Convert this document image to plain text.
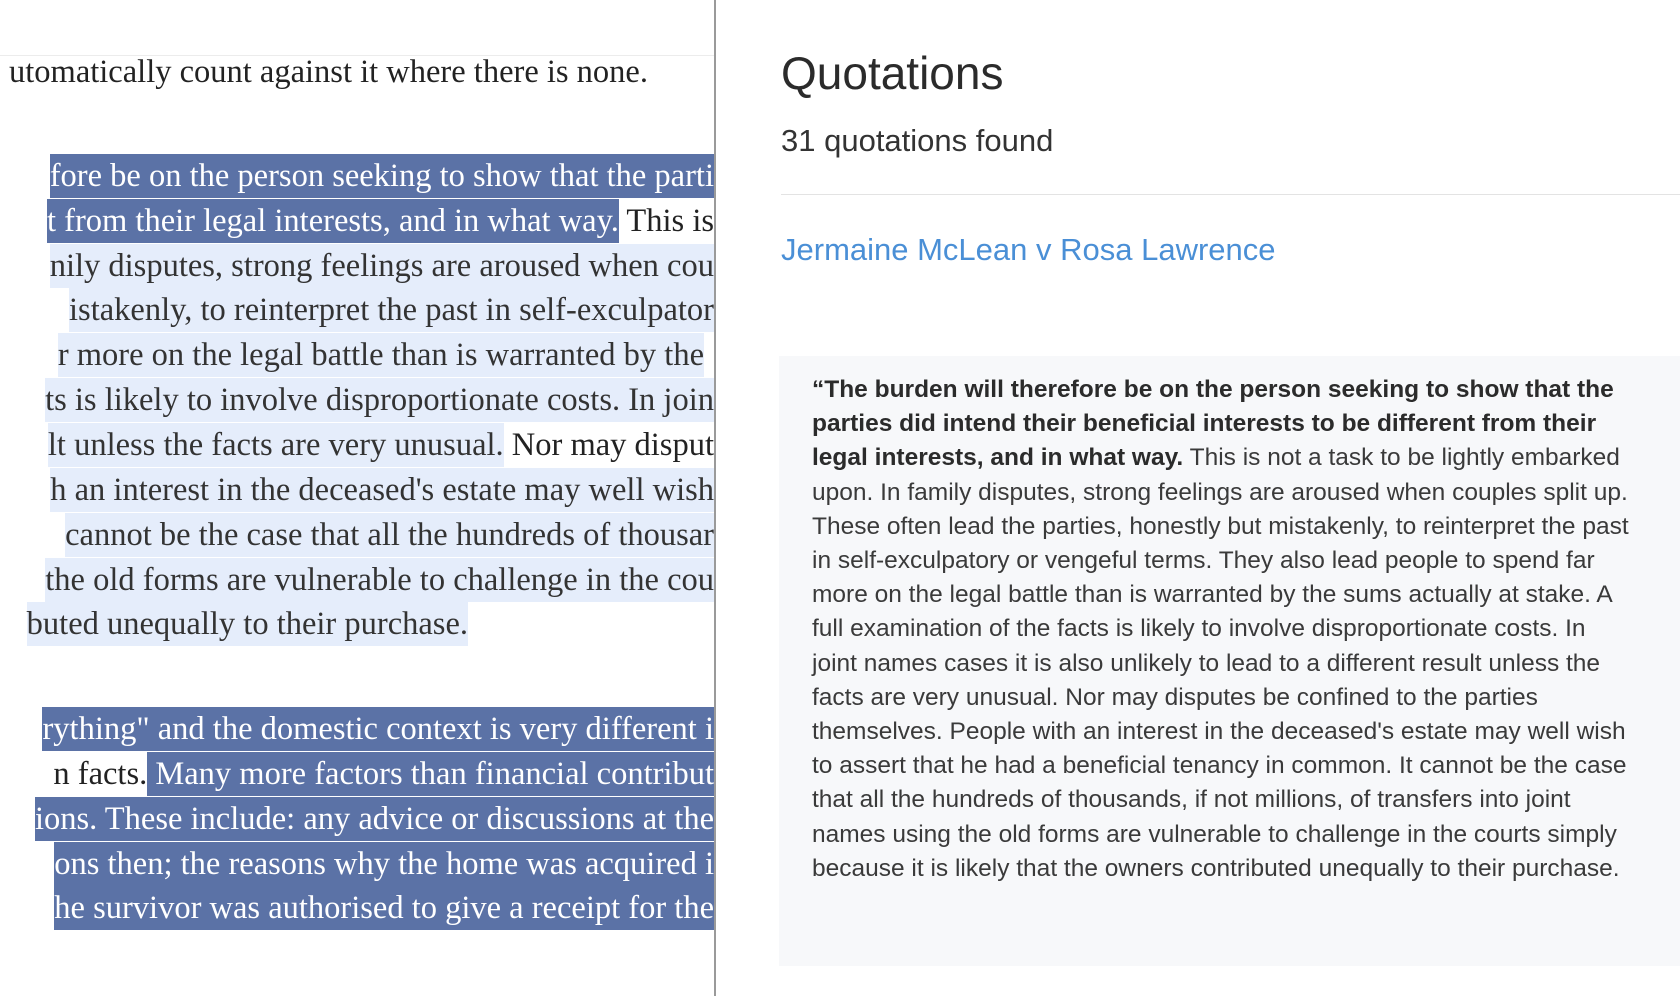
utomatically count against it where there is none.
fore be on the person seeking to show that the parti
t from their legal interests, and in what way. This is
nily disputes, strong feelings are aroused when cou
istakenly, to reinterpret the past in self-exculpator
r more on the legal battle than is warranted by the
ts is likely to involve disproportionate costs. In join
lt unless the facts are very unusual. Nor may disput
h an interest in the deceased's estate may well wish
cannot be the case that all the hundreds of thousar
the old forms are vulnerable to challenge in the cou
buted unequally to their purchase.
rything" and the domestic context is very different i
n facts. Many more factors than financial contribut
ions. These include: any advice or discussions at the
ons then; the reasons why the home was acquired i
he survivor was authorised to give a receipt for the
Quotations
31 quotations found
Jermaine McLean v Rosa Lawrence
“The burden will therefore be on the person seeking to show that the
parties did intend their beneficial interests to be different from their
legal interests, and in what way. This is not a task to be lightly embarked
upon. In family disputes, strong feelings are aroused when couples split up.
These often lead the parties, honestly but mistakenly, to reinterpret the past
in self-exculpatory or vengeful terms. They also lead people to spend far
more on the legal battle than is warranted by the sums actually at stake. A
full examination of the facts is likely to involve disproportionate costs. In
joint names cases it is also unlikely to lead to a different result unless the
facts are very unusual. Nor may disputes be confined to the parties
themselves. People with an interest in the deceased's estate may well wish
to assert that he had a beneficial tenancy in common. It cannot be the case
that all the hundreds of thousands, if not millions, of transfers into joint
names using the old forms are vulnerable to challenge in the courts simply
because it is likely that the owners contributed unequally to their purchase.
